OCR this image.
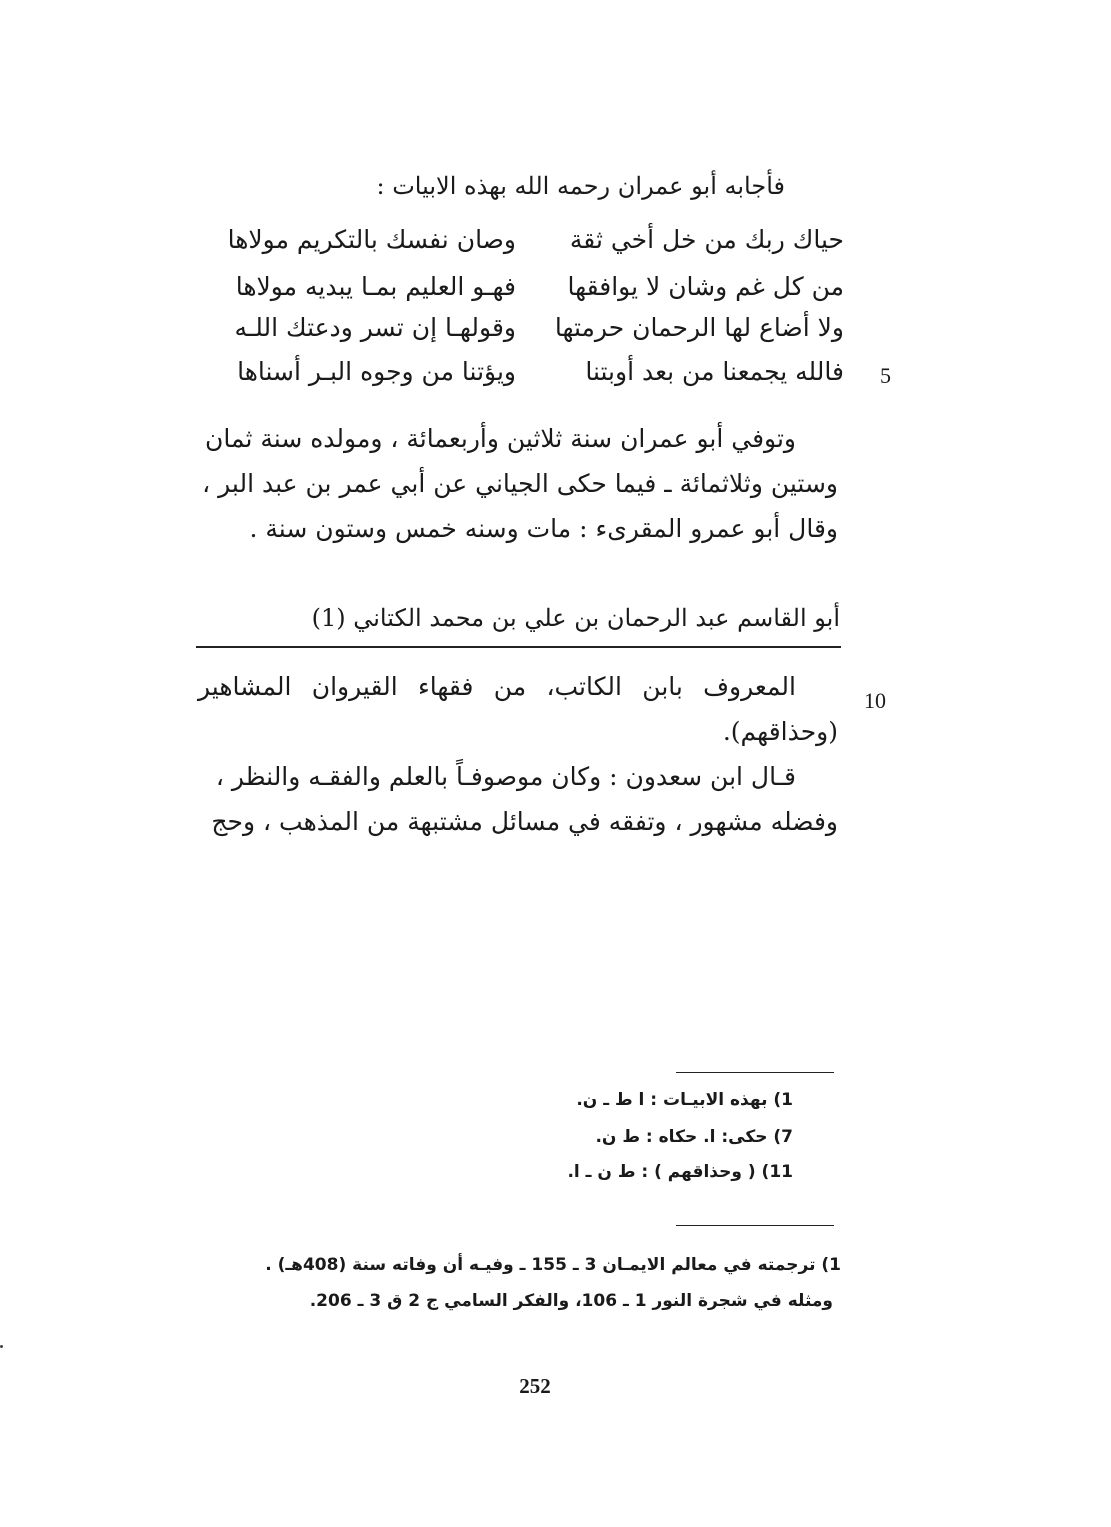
فأجابه أبو عمران رحمه الله بهذه الابيات :
حياك ربك من خل أخي ثقة
وصان نفسك بالتكريم مولاها
من كل غم وشان لا يوافقها
فهـو العليم بمـا يبديه مولاها
ولا أضاع لها الرحمان حرمتها
وقولهـا إن تسر ودعتك اللـه
فالله يجمعنا من بعد أوبتنا
ويؤتنا من وجوه البـر أسناها	5
وتوفي أبو عمران سنة ثلاثين وأربعمائة ، ومولده سنة ثمان
وستين وثلاثمائة ـ فيما حكى الجياني عن أبي عمر بن عبد البر ،
وقال أبو عمرو المقرىء : مات وسنه خمس وستون سنة .
أبو القاسم عبد الرحمان بن علي بن محمد الكتاني (1)
10
المعروف بابن الكاتب، من فقهاء القيروان المشاهير (وحذاقهم).
قـال ابن سعدون : وكان موصوفـاً بالعلم والفقـه والنظر ،
وفضله مشهور ، وتفقه في مسائل مشتبهة من المذهب ، وحج
1) بهذه الابيـات : ا ط ـ ن.
7) حكى: ا. حكاه : ط ن.
11) ( وحذاقهم ) : ط ن ـ ا.
1) ترجمته في معالم الايمـان 3 ـ 155 ـ وفيـه أن وفاته سنة (408هـ) .
ومثله في شجرة النور 1 ـ 106، والفكر السامي ج 2 ق 3 ـ 206.
252
